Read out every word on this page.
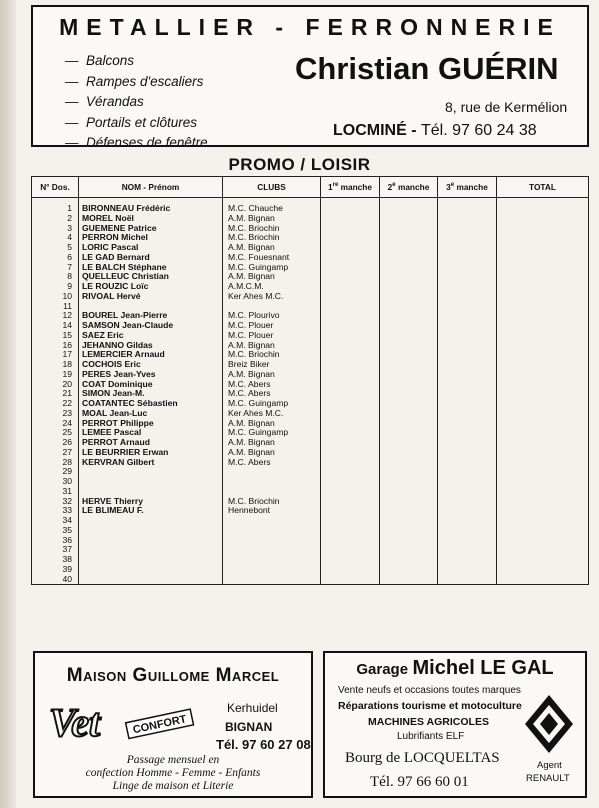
METALLIER - FERRONNERIE
—  Balcons
—  Rampes d'escaliers
—  Vérandas
—  Portails et clôtures
—  Défenses de fenêtre
Christian GUÉRIN
8, rue de Kermélion
LOCMINÉ - Tél. 97 60 24 38
PROMO / LOISIR
N° Dos.	NOM - Prénom	CLUBS	1re manche	2e manche	3e manche	TOTAL
1	BIRONNEAU Frédéric	M.C. Chauche				
2	MOREL Noël	A.M. Bignan				
3	GUEMENE Patrice	M.C. Briochin				
4	PERRON Michel	M.C. Briochin				
5	LORIC Pascal	A.M. Bignan				
6	LE GAD Bernard	M.C. Fouesnant				
7	LE BALCH Stéphane	M.C. Guingamp				
8	QUELLEUC Christian	A.M. Bignan				
9	LE ROUZIC Loïc	A.M.C.M.				
10	RIVOAL Hervé	Ker Ahes M.C.				
11						
12	BOUREL Jean-Pierre	M.C. Plourivo				
14	SAMSON Jean-Claude	M.C. Plouer				
15	SAEZ Eric	M.C. Plouer				
16	JEHANNO Gildas	A.M. Bignan				
17	LEMERCIER Arnaud	M.C. Briochin				
18	COCHOIS Eric	Breiz Biker				
19	PERES Jean-Yves	A.M. Bignan				
20	COAT Dominique	M.C. Abers				
21	SIMON Jean-M.	M.C. Abers				
22	COATANTEC Sébastien	M.C. Guingamp				
23	MOAL Jean-Luc	Ker Ahes M.C.				
24	PERROT Philippe	A.M. Bignan				
25	LEMEE Pascal	M.C. Guingamp				
26	PERROT Arnaud	A.M. Bignan				
27	LE BEURRIER Erwan	A.M. Bignan				
28	KERVRAN Gilbert	M.C. Abers				
29						
30						
31						
32	HERVE Thierry	M.C. Briochin				
33	LE BLIMEAU F.	Hennebont				
34						
35						
36						
37						
38						
39						
40						
Maison Guillome Marcel
Vet	CONFORT
Kerhuidel
BIGNAN
Tél. 97 60 27 08
Passage mensuel en
confection Homme - Femme - Enfants
Linge de maison et Literie
Garage Michel LE GAL
Vente neufs et occasions toutes marques
Réparations tourisme et motoculture
MACHINES AGRICOLES
Lubrifiants ELF
Bourg de LOCQUELTAS
Tél. 97 66 60 01
Agent
RENAULT
